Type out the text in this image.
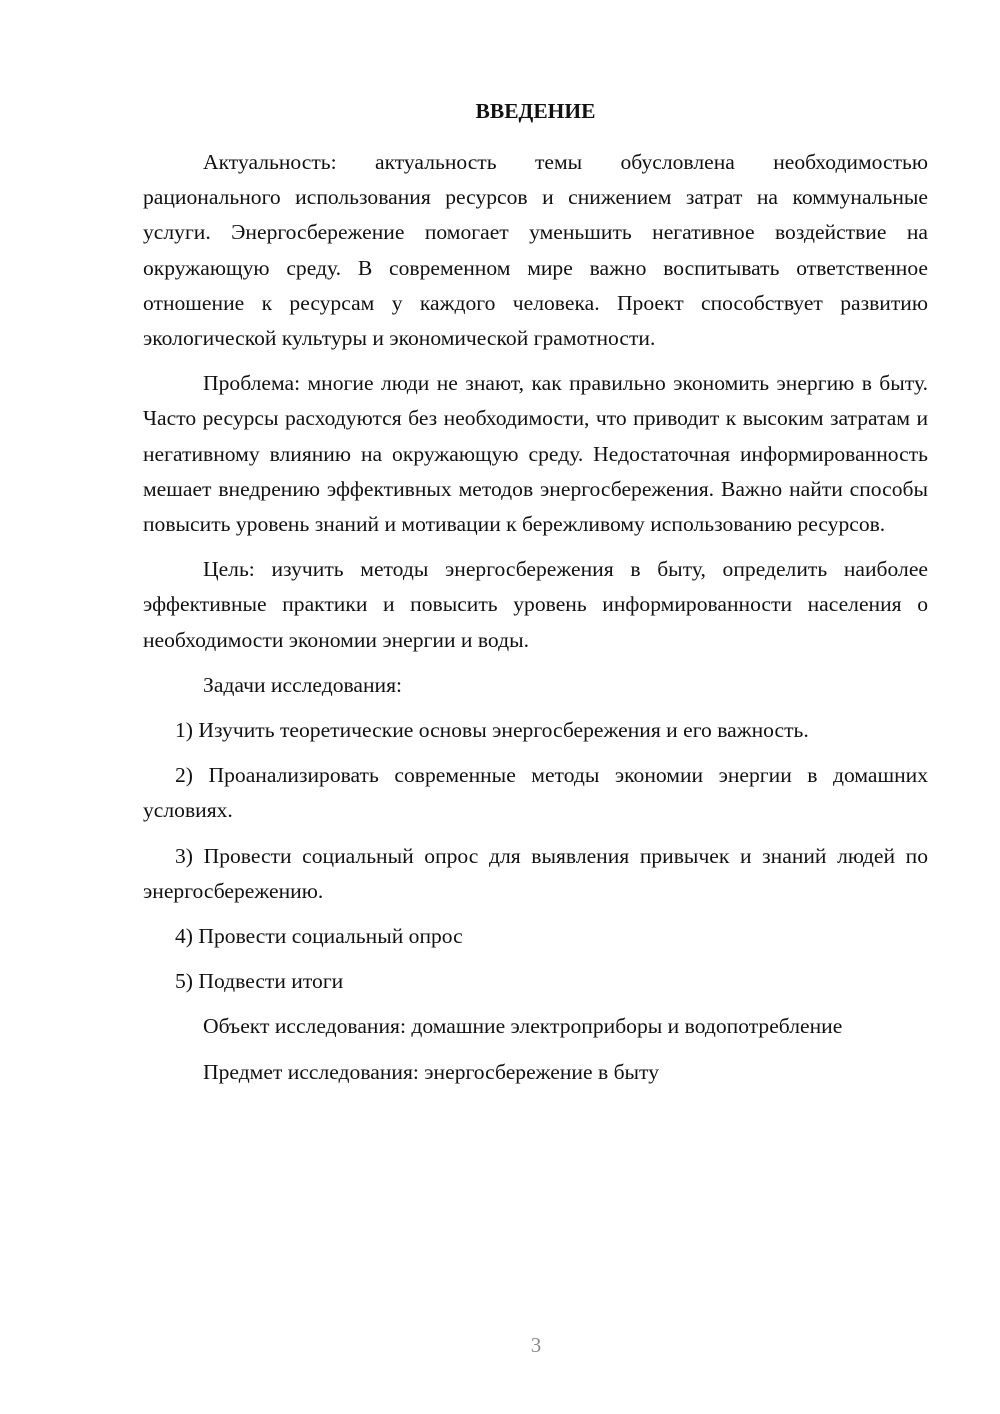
ВВЕДЕНИЕ

Актуальность: актуальность темы обусловлена необходимостью рационального использования ресурсов и снижением затрат на коммунальные услуги. Энергосбережение помогает уменьшить негативное воздействие на окружающую среду. В современном мире важно воспитывать ответственное отношение к ресурсам у каждого человека. Проект способствует развитию экологической культуры и экономической грамотности.

Проблема: многие люди не знают, как правильно экономить энергию в быту. Часто ресурсы расходуются без необходимости, что приводит к высоким затратам и негативному влиянию на окружающую среду. Недостаточная информированность мешает внедрению эффективных методов энергосбережения. Важно найти способы повысить уровень знаний и мотивации к бережливому использованию ресурсов.

Цель: изучить методы энергосбережения в быту, определить наиболее эффективные практики и повысить уровень информированности населения о необходимости экономии энергии и воды.

Задачи исследования:

1) Изучить теоретические основы энергосбережения и его важность.

2) Проанализировать современные методы экономии энергии в домашних условиях.

3) Провести социальный опрос для выявления привычек и знаний людей по энергосбережению.

4) Провести социальный опрос

5) Подвести итоги

Объект исследования: домашние электроприборы и водопотребление

Предмет исследования: энергосбережение в быту

3
